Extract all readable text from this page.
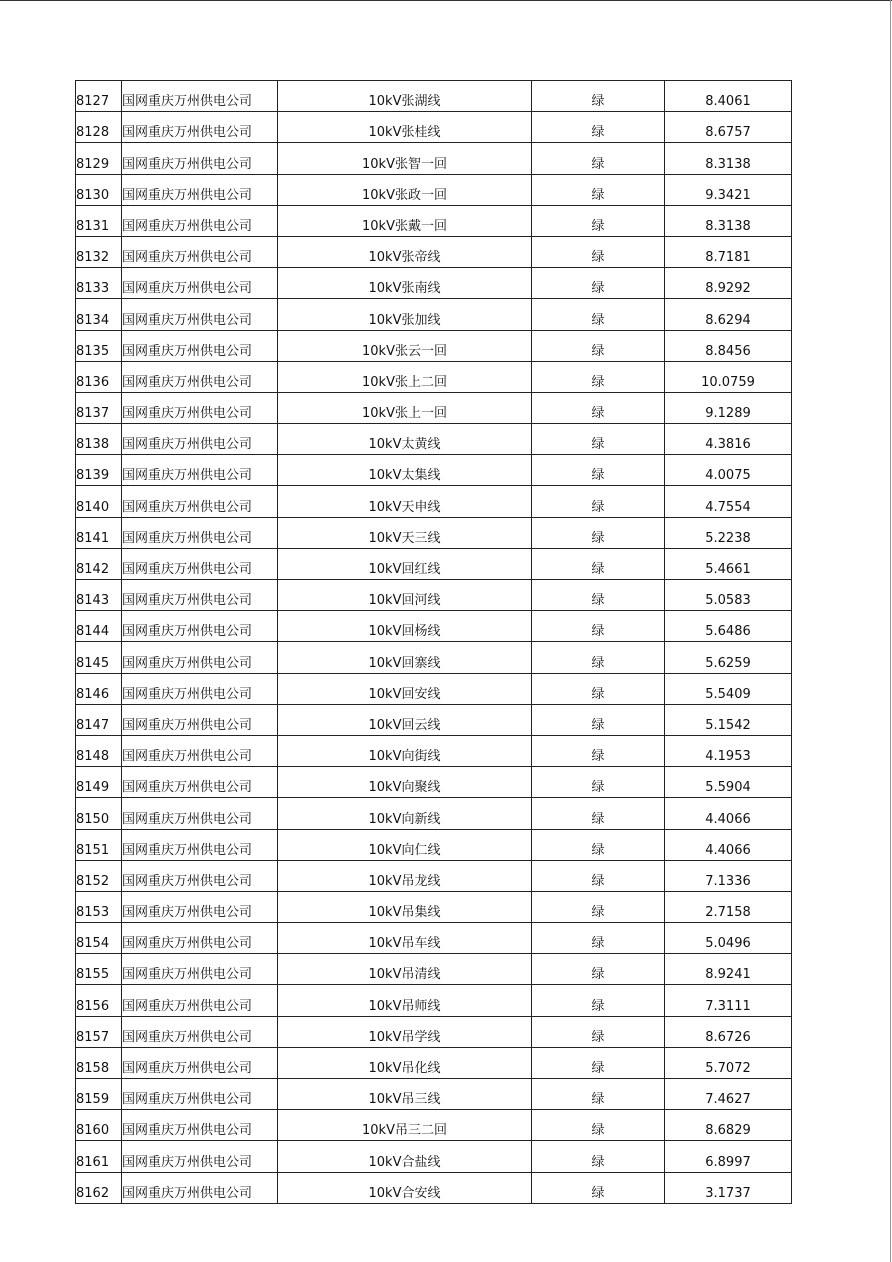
8127	国网重庆万州供电公司	10kV张湖线	绿	8.4061
8128	国网重庆万州供电公司	10kV张桂线	绿	8.6757
8129	国网重庆万州供电公司	10kV张智一回	绿	8.3138
8130	国网重庆万州供电公司	10kV张政一回	绿	9.3421
8131	国网重庆万州供电公司	10kV张戴一回	绿	8.3138
8132	国网重庆万州供电公司	10kV张帝线	绿	8.7181
8133	国网重庆万州供电公司	10kV张南线	绿	8.9292
8134	国网重庆万州供电公司	10kV张加线	绿	8.6294
8135	国网重庆万州供电公司	10kV张云一回	绿	8.8456
8136	国网重庆万州供电公司	10kV张上二回	绿	10.0759
8137	国网重庆万州供电公司	10kV张上一回	绿	9.1289
8138	国网重庆万州供电公司	10kV太黄线	绿	4.3816
8139	国网重庆万州供电公司	10kV太集线	绿	4.0075
8140	国网重庆万州供电公司	10kV天申线	绿	4.7554
8141	国网重庆万州供电公司	10kV天三线	绿	5.2238
8142	国网重庆万州供电公司	10kV回红线	绿	5.4661
8143	国网重庆万州供电公司	10kV回河线	绿	5.0583
8144	国网重庆万州供电公司	10kV回杨线	绿	5.6486
8145	国网重庆万州供电公司	10kV回寨线	绿	5.6259
8146	国网重庆万州供电公司	10kV回安线	绿	5.5409
8147	国网重庆万州供电公司	10kV回云线	绿	5.1542
8148	国网重庆万州供电公司	10kV向街线	绿	4.1953
8149	国网重庆万州供电公司	10kV向聚线	绿	5.5904
8150	国网重庆万州供电公司	10kV向新线	绿	4.4066
8151	国网重庆万州供电公司	10kV向仁线	绿	4.4066
8152	国网重庆万州供电公司	10kV吊龙线	绿	7.1336
8153	国网重庆万州供电公司	10kV吊集线	绿	2.7158
8154	国网重庆万州供电公司	10kV吊车线	绿	5.0496
8155	国网重庆万州供电公司	10kV吊清线	绿	8.9241
8156	国网重庆万州供电公司	10kV吊师线	绿	7.3111
8157	国网重庆万州供电公司	10kV吊学线	绿	8.6726
8158	国网重庆万州供电公司	10kV吊化线	绿	5.7072
8159	国网重庆万州供电公司	10kV吊三线	绿	7.4627
8160	国网重庆万州供电公司	10kV吊三二回	绿	8.6829
8161	国网重庆万州供电公司	10kV合盐线	绿	6.8997
8162	国网重庆万州供电公司	10kV合安线	绿	3.1737
